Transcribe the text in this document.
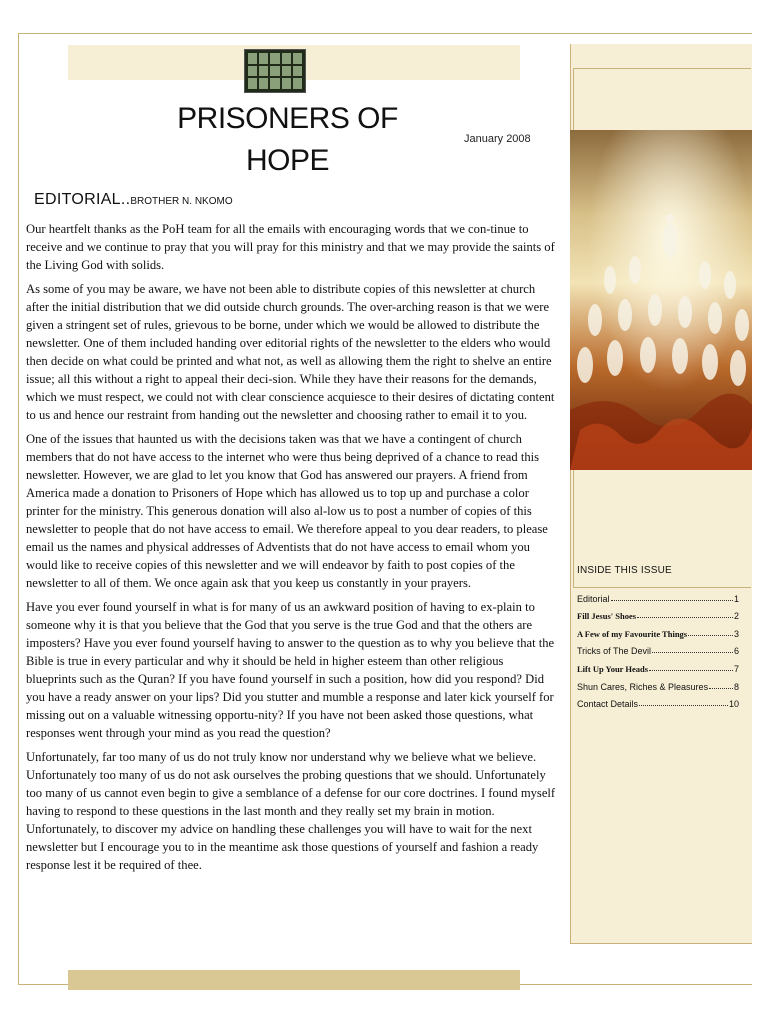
PRISONERS OF
HOPE
January 2008
EDITORIAL..BROTHER N. NKOMO

Our heartfelt thanks as the PoH team for all the emails with encouraging words that we con-tinue to receive and we continue to pray that you will pray for this ministry and that we may provide the saints of the Living God with solids.

As some of you may be aware, we have not been able to distribute copies of this newsletter at church after the initial distribution that we did outside church grounds. The over-arching reason is that we were given a stringent set of rules, grievous to be borne, under which we would be allowed to distribute the newsletter. One of them included handing over editorial rights of the newsletter to the elders who would then decide on what could be printed and what not, as well as allowing them the right to shelve an entire issue; all this without a right to appeal their deci-sion. While they have their reasons for the demands, which we must respect, we could not with clear conscience acquiesce to their desires of dictating content to us and hence our restraint from handing out the newsletter and choosing rather to email it to you.

One of the issues that haunted us with the decisions taken was that we have a contingent of church members that do not have access to the internet who were thus being deprived of a chance to read this newsletter. However, we are glad to let you know that God has answered our prayers. A friend from America made a donation to Prisoners of Hope which has allowed us to top up and purchase a color printer for the ministry. This generous donation will also al-low us to post a number of copies of this newsletter to people that do not have access to email. We therefore appeal to you dear readers, to please email us the names and physical addresses of Adventists that do not have access to email whom you would like to receive copies of this newsletter and we will endeavor by faith to post copies of the newsletter to all of them. We once again ask that you keep us constantly in your prayers.

Have you ever found yourself in what is for many of us an awkward position of having to ex-plain to someone why it is that you believe that the God that you serve is the true God and that the others are imposters? Have you ever found yourself having to answer to the question as to why you believe that the Bible is true in every particular and why it should be held in higher esteem than other religious blueprints such as the Quran? If you have found yourself in such a position, how did you respond? Did you have a ready answer on your lips? Did you stutter and mumble a response and later kick yourself for missing out on a valuable witnessing opportu-nity? If you have not been asked those questions, what responses went through your mind as you read the question?

Unfortunately, far too many of us do not truly know nor understand why we believe what we believe. Unfortunately too many of us do not ask ourselves the probing questions that we should. Unfortunately too many of us cannot even begin to give a semblance of a defense for our core doctrines. I found myself having to respond to these questions in the last month and they really set my brain in motion. Unfortunately, to discover my advice on handling these challenges you will have to wait for the next newsletter but I encourage you to in the meantime ask those questions of yourself and fashion a ready response lest it be required of thee.

INSIDE THIS ISSUE
Editorial	1
Fill Jesus' Shoes	2
A Few of my Favourite Things	3
Tricks of The Devil	6
Lift Up Your Heads	7
Shun Cares, Riches & Pleasures	8
Contact Details	10
